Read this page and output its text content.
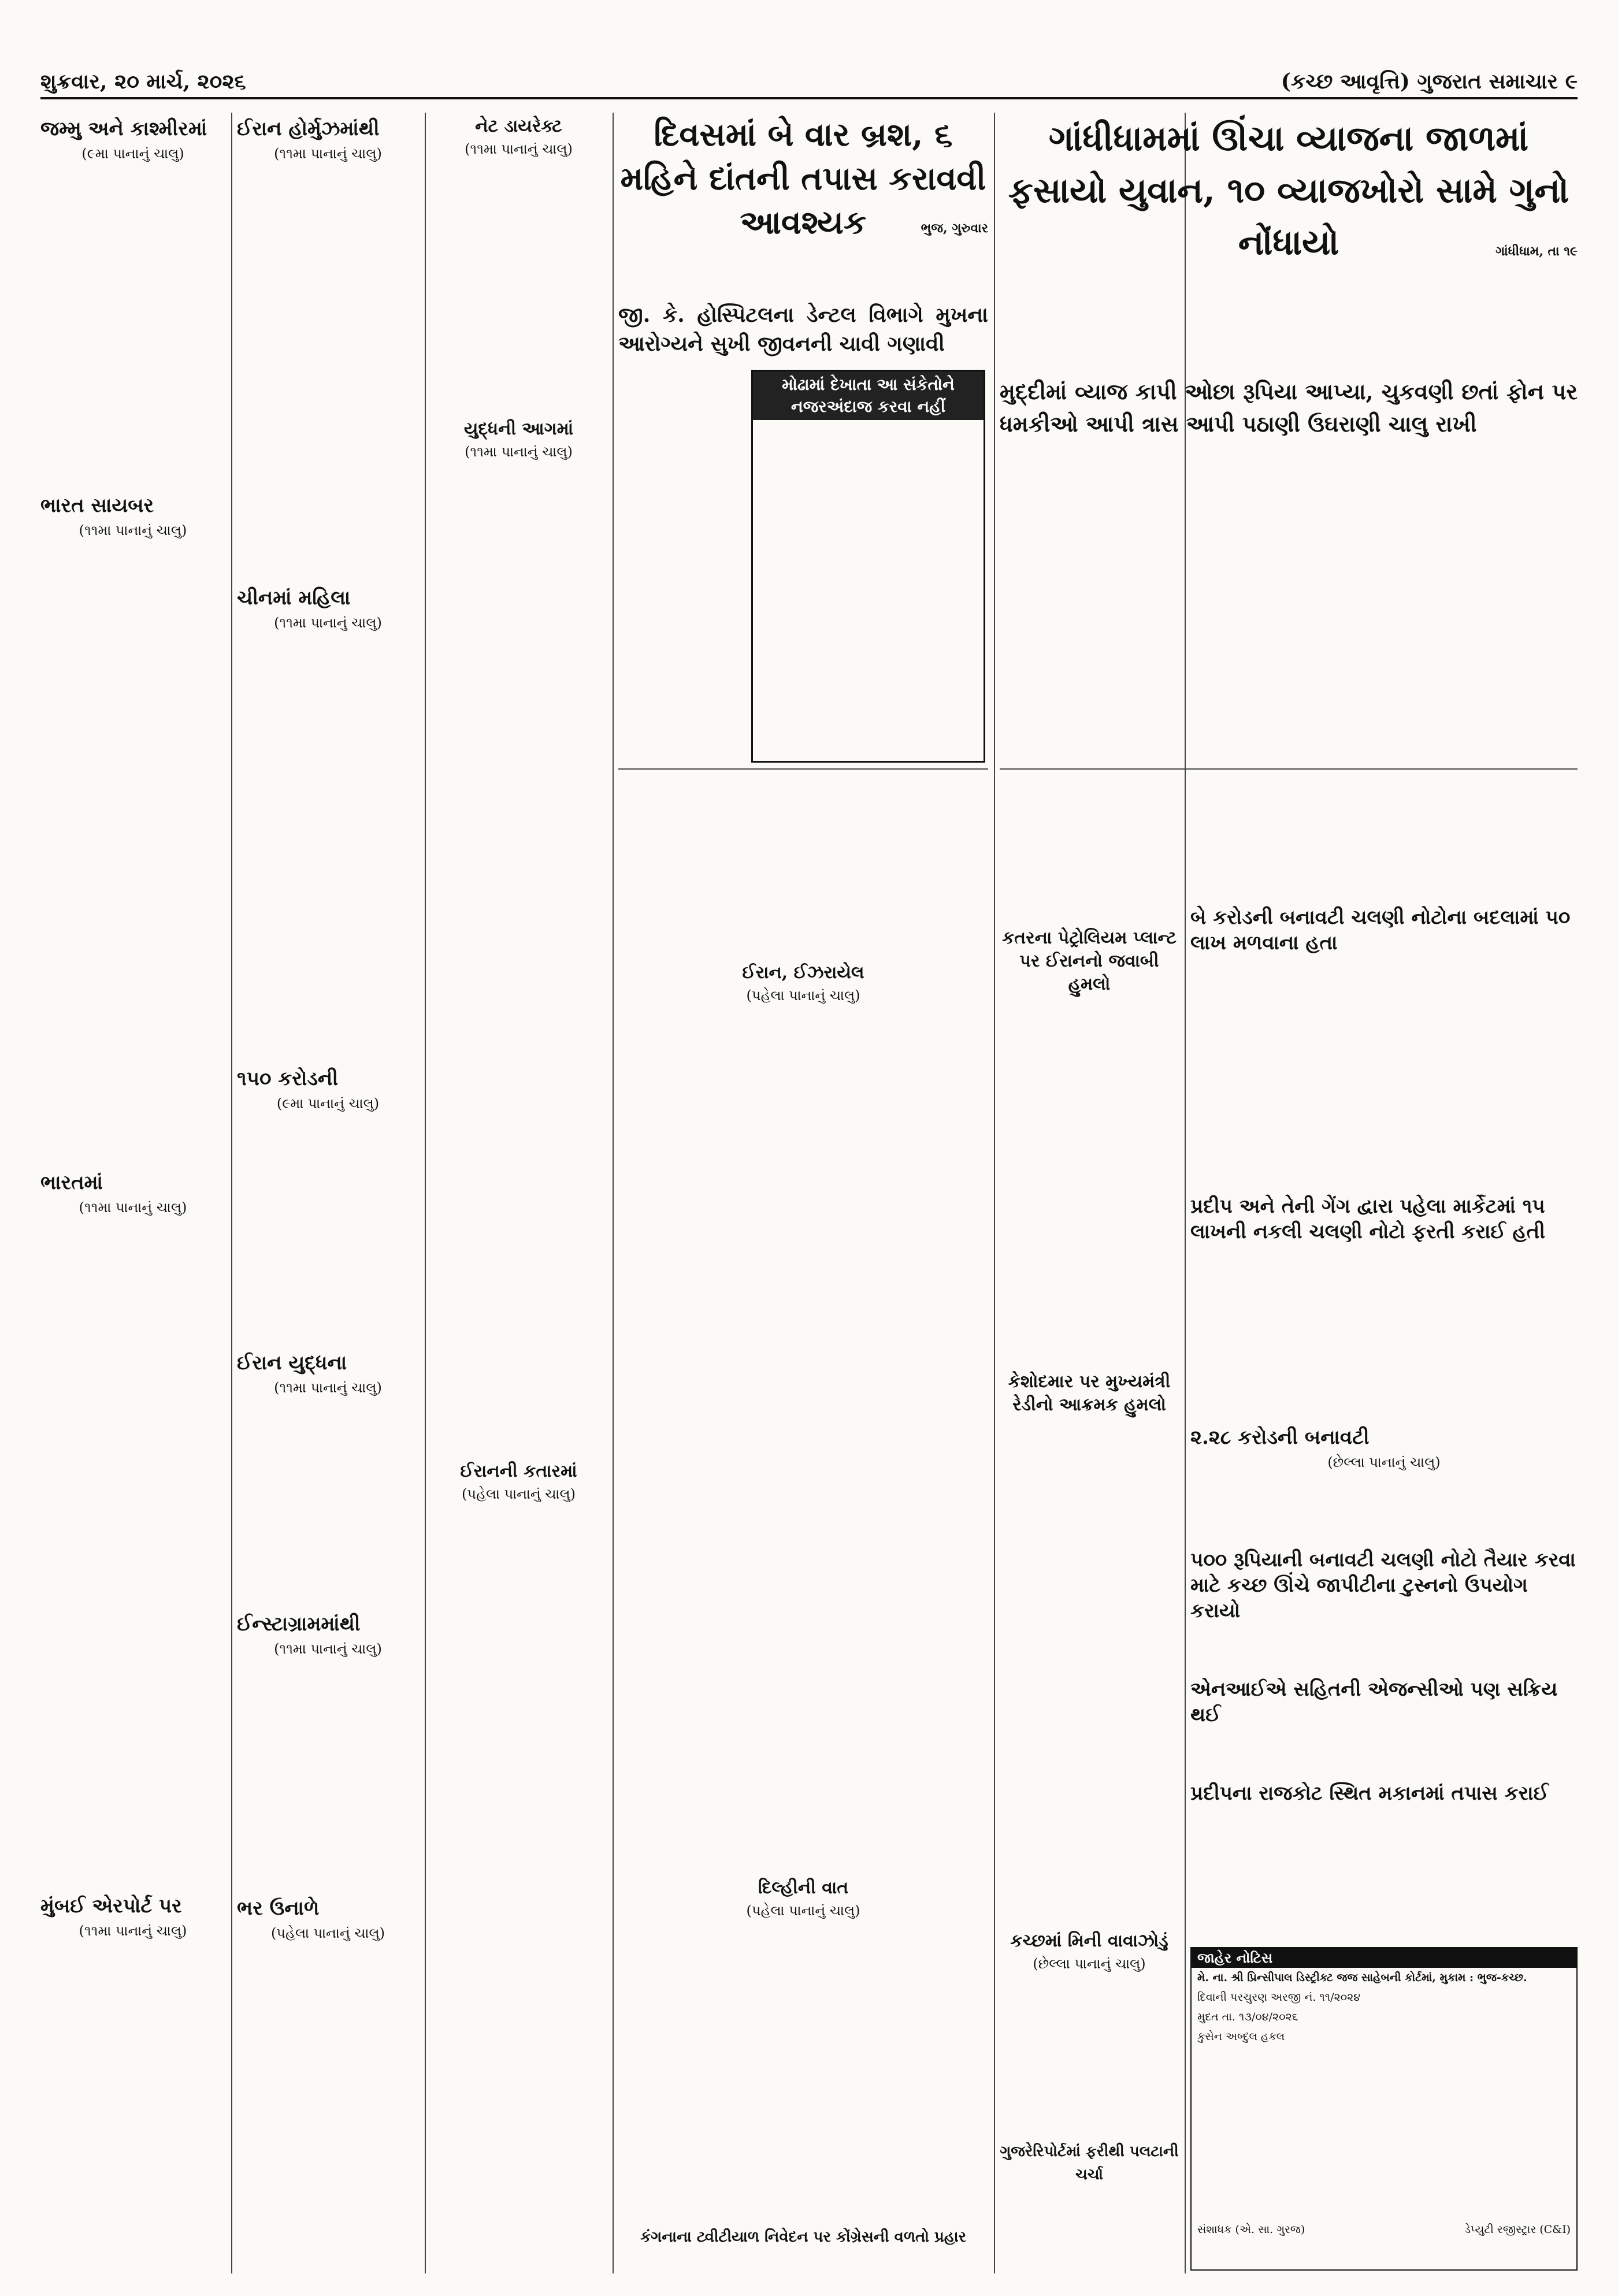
શુક્રવાર, ૨૦ માર્ચ, ૨૦૨૬	(કચ્છ આવૃત્તિ) ગુજરાત સમાચાર ૯
જમ્મુ અને કાશ્મીરમાં
(૯મા પાનાનું ચાલુ)
ભારત સાયબર
(૧૧મા પાનાનું ચાલુ)
ભારતમાં
(૧૧મા પાનાનું ચાલુ)
મુંબઈ એરપોર્ટ પર
(૧૧મા પાનાનું ચાલુ)
ઈરાન હોર્મુઝમાંથી
(૧૧મા પાનાનું ચાલુ)
ચીનમાં મહિલા
(૧૧મા પાનાનું ચાલુ)
૧૫૦ કરોડની
(૯મા પાનાનું ચાલુ)
ઈરાન યુદ્ધના
(૧૧મા પાનાનું ચાલુ)
ઈન્સ્ટાગ્રામમાંથી
(૧૧મા પાનાનું ચાલુ)
ભર ઉનાળે
(પહેલા પાનાનું ચાલુ)
નેટ ડાયરેક્ટ
(૧૧મા પાનાનું ચાલુ)
યુદ્ધની આગમાં
(૧૧મા પાનાનું ચાલુ)
ઈરાનની કતારમાં
(પહેલા પાનાનું ચાલુ)
દિવસમાં બે વાર બ્રશ, ૬ મહિને દાંતની તપાસ કરાવવી આવશ્યક	ભુજ, ગુરુવાર
જી. કે. હોસ્પિટલના ડેન્ટલ વિભાગે મુખના આરોગ્યને સુખી જીવનની ચાવી ગણાવી
મોઢામાં દેખાતા આ સંકેતોને નજરઅંદાજ કરવા નહીં
ઈરાન, ઈઝરાયેલ
(પહેલા પાનાનું ચાલુ)
દિલ્હીની વાત
(પહેલા પાનાનું ચાલુ)
કંગનાના ટ્વીટીયાળ નિવેદન પર કોંગ્રેસની વળતો પ્રહાર
ગાંધીધામમાં ઊંચા વ્યાજના જાળમાં ફસાયો યુવાન, ૧૦ વ્યાજખોરો સામે ગુનો નોંધાયો	ગાંધીધામ, તા ૧૯
મુદ્દીમાં વ્યાજ કાપી ઓછા રૂપિયા આપ્યા, ચુકવણી છતાં ફોન પર ધમકીઓ આપી ત્રાસ આપી પઠાણી ઉઘરાણી ચાલુ રાખી
કતરના પેટ્રોલિયમ પ્લાન્ટ પર ઈરાનનો જવાબી હુમલો
કેશોદમાર પર મુખ્યમંત્રી રેડીનો આક્રમક હુમલો
કચ્છમાં મિની વાવાઝોડું
(છેલ્લા પાનાનું ચાલુ)
ગુજરેરિપોર્ટમાં ફરીથી પલટાની ચર્ચા
બે કરોડની બનાવટી ચલણી નોટોના બદલામાં ૫૦ લાખ મળવાના હતા
પ્રદીપ અને તેની ગેંગ દ્વારા પહેલા માર્કેટમાં ૧૫ લાખની નકલી ચલણી નોટો ફરતી કરાઈ હતી
૨.૨૮ કરોડની બનાવટી
(છેલ્લા પાનાનું ચાલુ)
૫૦૦ રૂપિયાની બનાવટી ચલણી નોટો તૈયાર કરવા માટે કચ્છ ઊંચે જાપીટીના ટુસ્નનો ઉપયોગ કરાયો
એનઆઈએ સહિતની એજન્સીઓ પણ સક્રિય થઈ
પ્રદીપના રાજકોટ સ્થિત મકાનમાં તપાસ કરાઈ
જાહેર નોટિસ
મે. ના. શ્રી પ્રિન્સીપાલ ડિસ્ટ્રીક્ટ જજ સાહેબની કોર્ટમાં, મુકામ : ભુજ-કચ્છ.
દિવાની પરચુરણ અરજી નં. ૧૧/૨૦૨૪
મુદત તા. ૧૩/૦૪/૨૦૨૬
કુસેન અબ્દુલ હકલ
સંશાધક (એ. સા. ગુરજ)	ડેપ્યુટી રજીસ્ટ્રાર (C&I)
